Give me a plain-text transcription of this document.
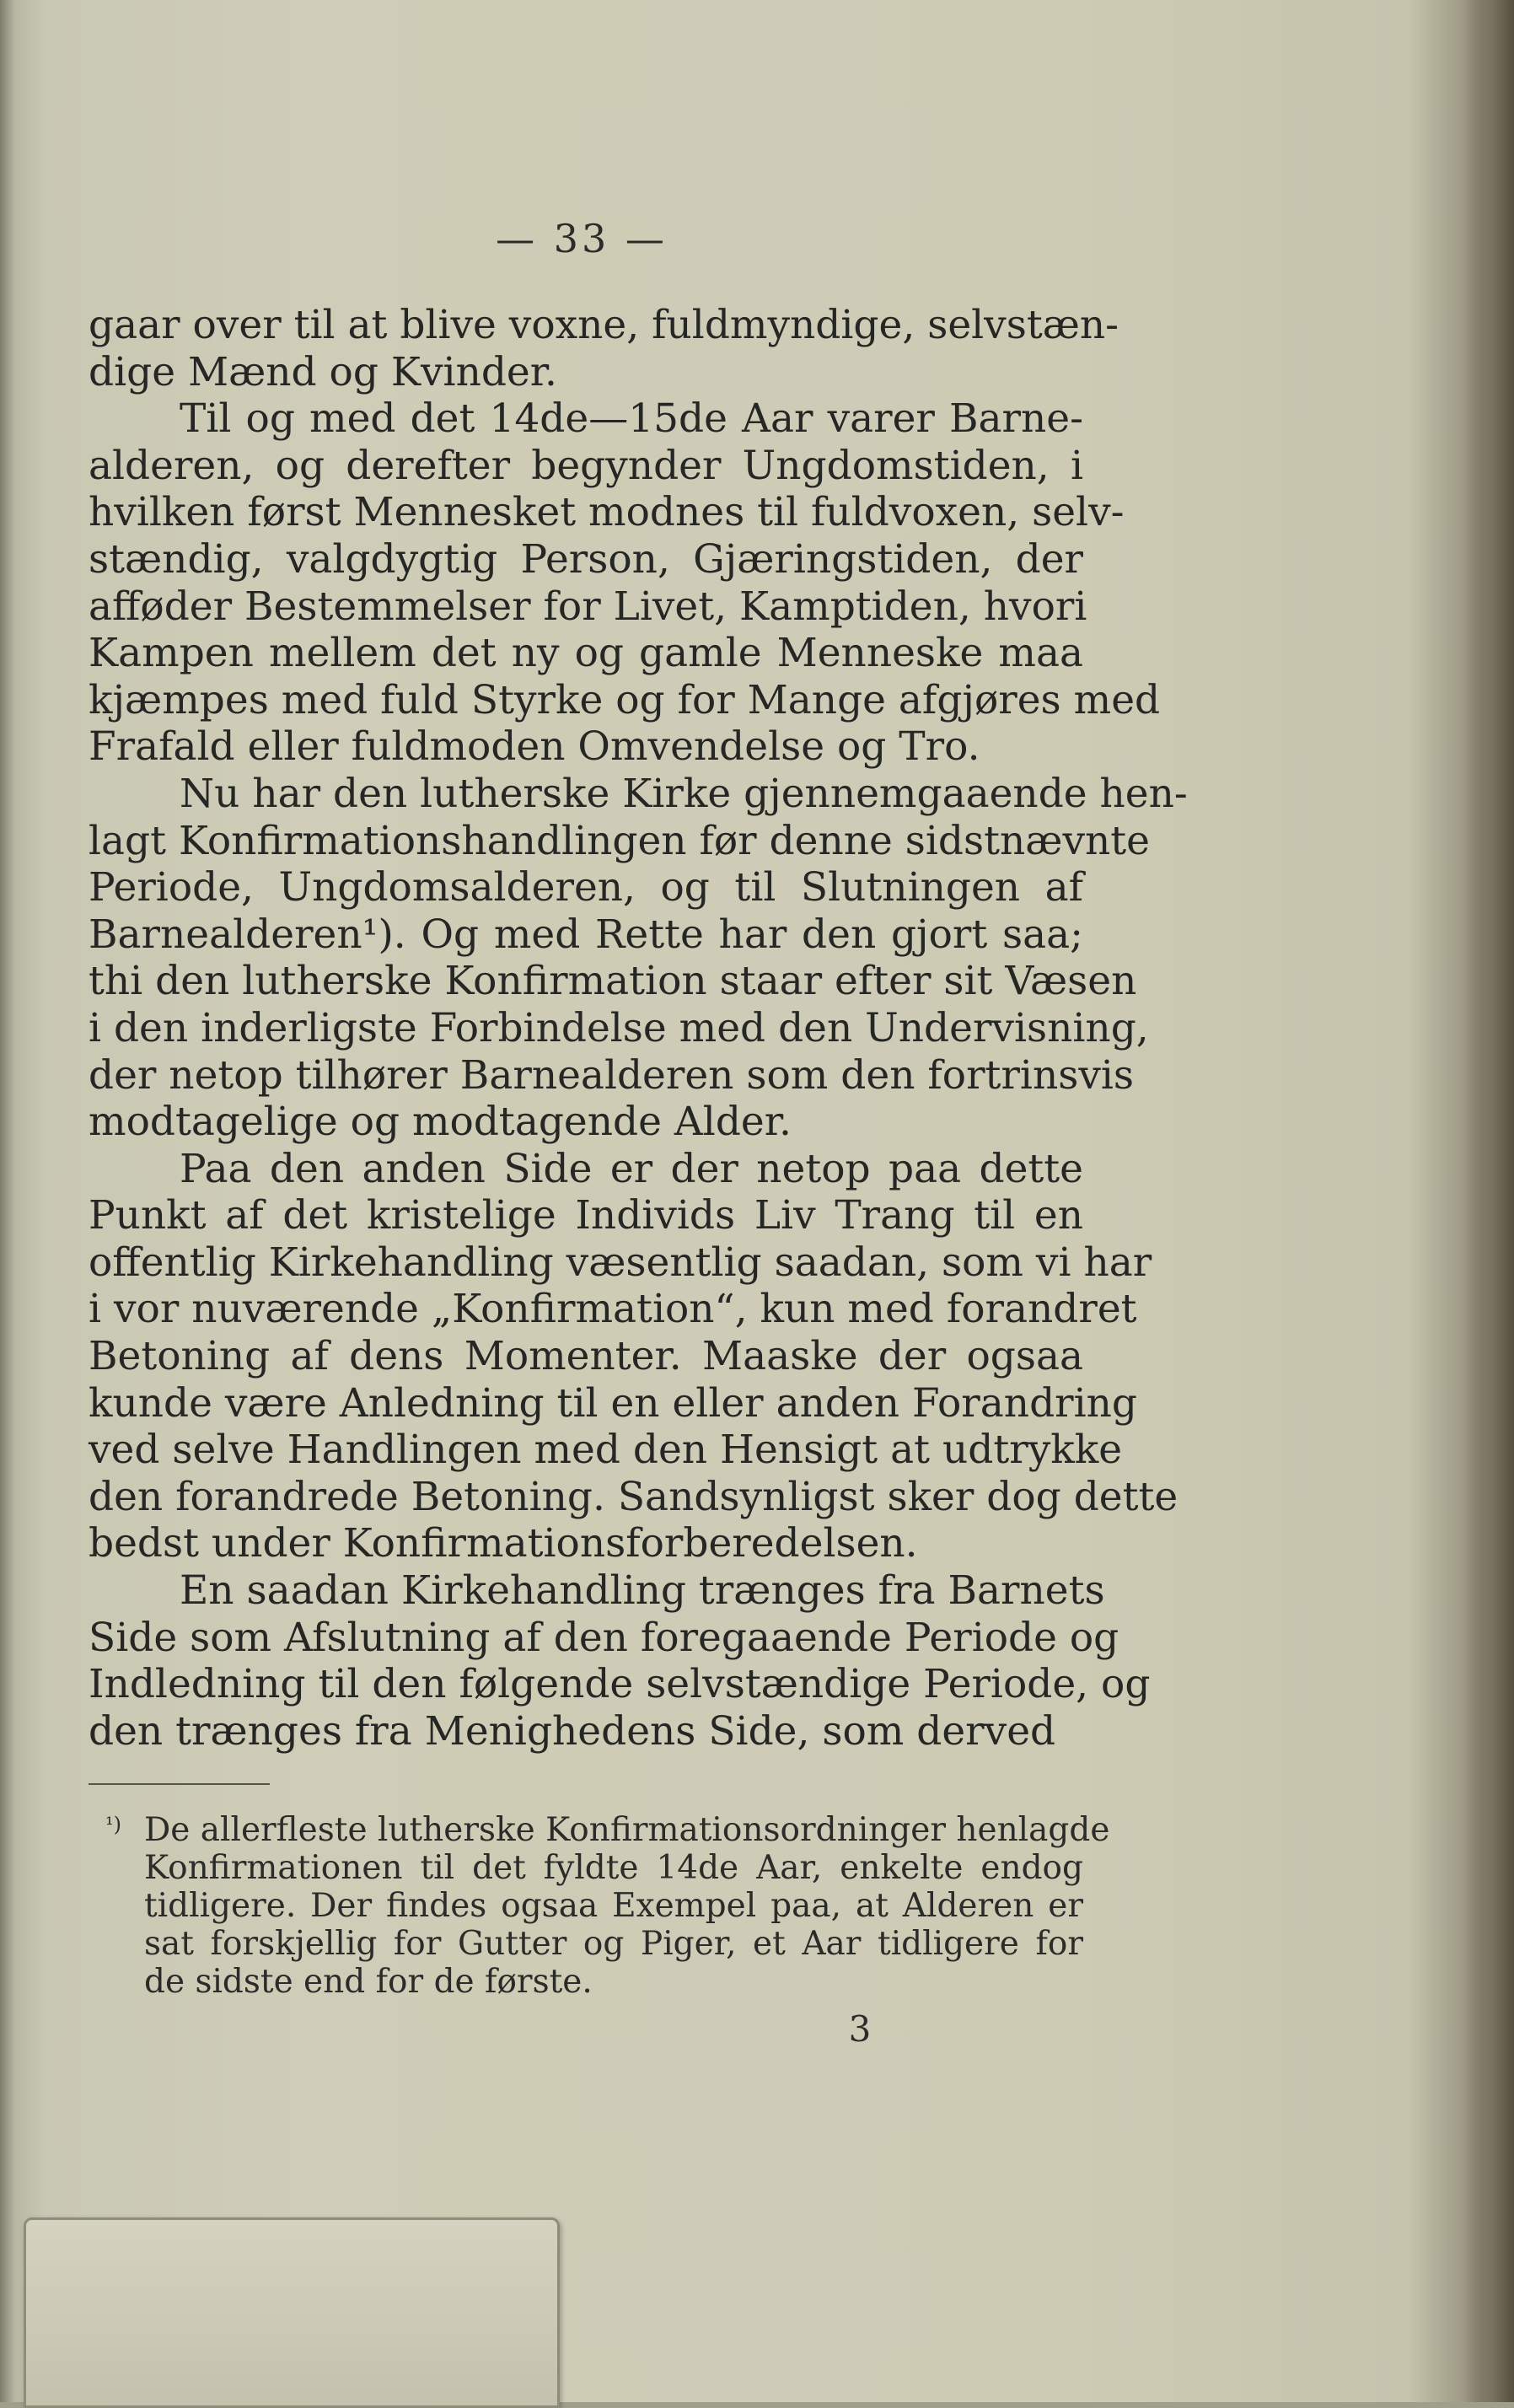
— 33 —

gaar over til at blive voxne, fuldmyndige, selvstæn-
dige Mænd og Kvinder.

Til og med det 14de—15de Aar varer Barne-
alderen, og derefter begynder Ungdomstiden, i
hvilken først Mennesket modnes til fuldvoxen, selv-
stændig, valgdygtig Person, Gjæringstiden, der
afføder Bestemmelser for Livet, Kamptiden, hvori
Kampen mellem det ny og gamle Menneske maa
kjæmpes med fuld Styrke og for Mange afgjøres med
Frafald eller fuldmoden Omvendelse og Tro.

Nu har den lutherske Kirke gjennemgaaende hen-
lagt Konfirmationshandlingen før denne sidstnævnte
Periode, Ungdomsalderen, og til Slutningen af
Barnealderen¹). Og med Rette har den gjort saa;
thi den lutherske Konfirmation staar efter sit Væsen
i den inderligste Forbindelse med den Undervisning,
der netop tilhører Barnealderen som den fortrinsvis
modtagelige og modtagende Alder.

Paa den anden Side er der netop paa dette
Punkt af det kristelige Individs Liv Trang til en
offentlig Kirkehandling væsentlig saadan, som vi har
i vor nuværende „Konfirmation“, kun med forandret
Betoning af dens Momenter. Maaske der ogsaa
kunde være Anledning til en eller anden Forandring
ved selve Handlingen med den Hensigt at udtrykke
den forandrede Betoning. Sandsynligst sker dog dette
bedst under Konfirmationsforberedelsen.

En saadan Kirkehandling trænges fra Barnets
Side som Afslutning af den foregaaende Periode og
Indledning til den følgende selvstændige Periode, og
den trænges fra Menighedens Side, som derved

¹) De allerfleste lutherske Konfirmationsordninger henlagde
Konfirmationen til det fyldte 14de Aar, enkelte endog
tidligere. Der findes ogsaa Exempel paa, at Alderen er
sat forskjellig for Gutter og Piger, et Aar tidligere for
de sidste end for de første.
3
